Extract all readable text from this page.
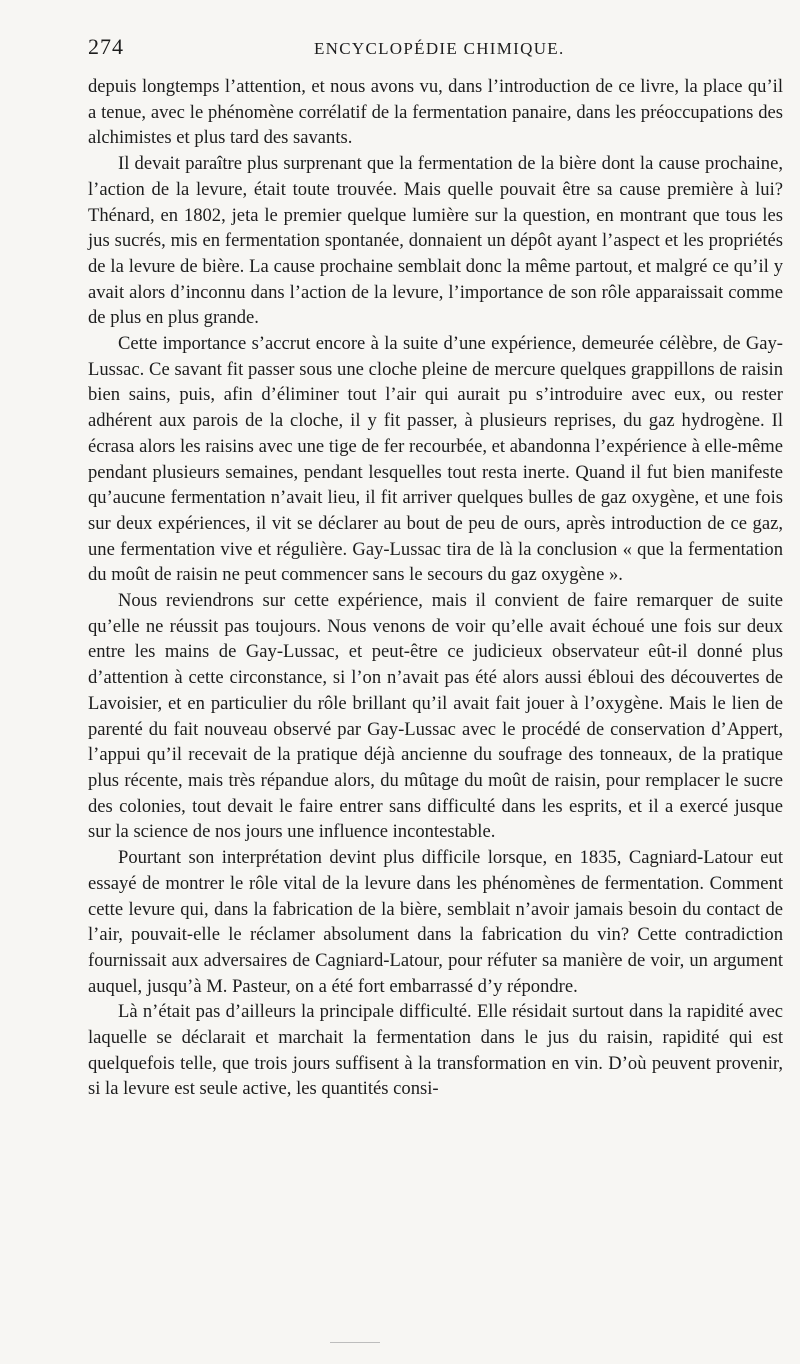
274	ENCYCLOPÉDIE CHIMIQUE.

depuis longtemps l’attention, et nous avons vu, dans l’introduction de ce livre, la place qu’il a tenue, avec le phénomène corrélatif de la fermentation panaire, dans les préoccupations des alchimistes et plus tard des savants.

Il devait paraître plus surprenant que la fermentation de la bière dont la cause prochaine, l’action de la levure, était toute trouvée. Mais quelle pouvait être sa cause première à lui? Thénard, en 1802, jeta le premier quelque lumière sur la question, en montrant que tous les jus sucrés, mis en fermentation spontanée, donnaient un dépôt ayant l’aspect et les propriétés de la levure de bière. La cause prochaine semblait donc la même partout, et malgré ce qu’il y avait alors d’inconnu dans l’action de la levure, l’importance de son rôle apparaissait comme de plus en plus grande.

Cette importance s’accrut encore à la suite d’une expérience, demeurée célèbre, de Gay-Lussac. Ce savant fit passer sous une cloche pleine de mercure quelques grappillons de raisin bien sains, puis, afin d’éliminer tout l’air qui aurait pu s’introduire avec eux, ou rester adhérent aux parois de la cloche, il y fit passer, à plusieurs reprises, du gaz hydrogène. Il écrasa alors les raisins avec une tige de fer recourbée, et abandonna l’expérience à elle-même pendant plusieurs semaines, pendant lesquelles tout resta inerte. Quand il fut bien manifeste qu’aucune fermentation n’avait lieu, il fit arriver quelques bulles de gaz oxygène, et une fois sur deux expériences, il vit se déclarer au bout de peu de ours, après introduction de ce gaz, une fermentation vive et régulière. Gay-Lussac tira de là la conclusion « que la fermentation du moût de raisin ne peut commencer sans le secours du gaz oxygène ».

Nous reviendrons sur cette expérience, mais il convient de faire remarquer de suite qu’elle ne réussit pas toujours. Nous venons de voir qu’elle avait échoué une fois sur deux entre les mains de Gay-Lussac, et peut-être ce judicieux observateur eût-il donné plus d’attention à cette circonstance, si l’on n’avait pas été alors aussi ébloui des découvertes de Lavoisier, et en particulier du rôle brillant qu’il avait fait jouer à l’oxygène. Mais le lien de parenté du fait nouveau observé par Gay-Lussac avec le procédé de conservation d’Appert, l’appui qu’il recevait de la pratique déjà ancienne du soufrage des tonneaux, de la pratique plus récente, mais très répandue alors, du mûtage du moût de raisin, pour remplacer le sucre des colonies, tout devait le faire entrer sans difficulté dans les esprits, et il a exercé jusque sur la science de nos jours une influence incontestable.

Pourtant son interprétation devint plus difficile lorsque, en 1835, Cagniard-Latour eut essayé de montrer le rôle vital de la levure dans les phénomènes de fermentation. Comment cette levure qui, dans la fabrication de la bière, semblait n’avoir jamais besoin du contact de l’air, pouvait-elle le réclamer absolument dans la fabrication du vin? Cette contradiction fournissait aux adversaires de Cagniard-Latour, pour réfuter sa manière de voir, un argument auquel, jusqu’à M. Pasteur, on a été fort embarrassé d’y répondre.

Là n’était pas d’ailleurs la principale difficulté. Elle résidait surtout dans la rapidité avec laquelle se déclarait et marchait la fermentation dans le jus du raisin, rapidité qui est quelquefois telle, que trois jours suffisent à la transformation en vin. D’où peuvent provenir, si la levure est seule active, les quantités consi-
